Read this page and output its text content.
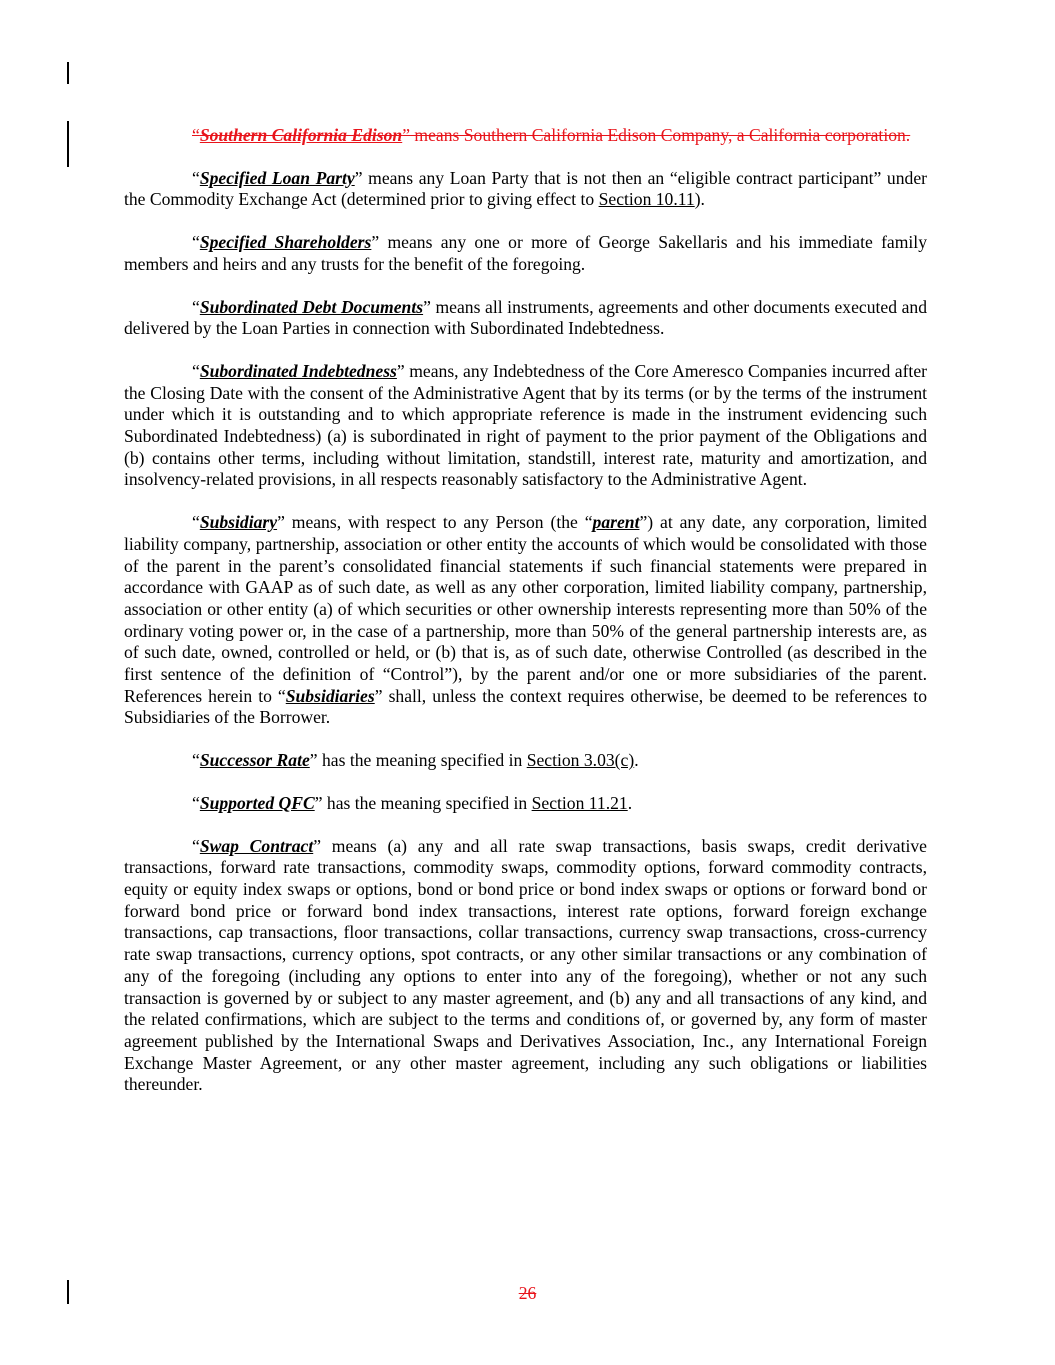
“Southern California Edison” means Southern California Edison Company, a California corporation.

“Specified Loan Party” means any Loan Party that is not then an “eligible contract participant” under the Commodity Exchange Act (determined prior to giving effect to Section 10.11).

“Specified Shareholders” means any one or more of George Sakellaris and his immediate family members and heirs and any trusts for the benefit of the foregoing.

“Subordinated Debt Documents” means all instruments, agreements and other documents executed and delivered by the Loan Parties in connection with Subordinated Indebtedness.

“Subordinated Indebtedness” means, any Indebtedness of the Core Ameresco Companies incurred after the Closing Date with the consent of the Administrative Agent that by its terms (or by the terms of the instrument under which it is outstanding and to which appropriate reference is made in the instrument evidencing such Subordinated Indebtedness) (a) is subordinated in right of payment to the prior payment of the Obligations and (b) contains other terms, including without limitation, standstill, interest rate, maturity and amortization, and insolvency-related provisions, in all respects reasonably satisfactory to the Administrative Agent.

“Subsidiary” means, with respect to any Person (the “parent”) at any date, any corporation, limited liability company, partnership, association or other entity the accounts of which would be consolidated with those of the parent in the parent’s consolidated financial statements if such financial statements were prepared in accordance with GAAP as of such date, as well as any other corporation, limited liability company, partnership, association or other entity (a) of which securities or other ownership interests representing more than 50% of the ordinary voting power or, in the case of a partnership, more than 50% of the general partnership interests are, as of such date, owned, controlled or held, or (b) that is, as of such date, otherwise Controlled (as described in the first sentence of the definition of “Control”), by the parent and/or one or more subsidiaries of the parent. References herein to “Subsidiaries” shall, unless the context requires otherwise, be deemed to be references to Subsidiaries of the Borrower.

“Successor Rate” has the meaning specified in Section 3.03(c).

“Supported QFC” has the meaning specified in Section 11.21.

“Swap Contract” means (a) any and all rate swap transactions, basis swaps, credit derivative transactions, forward rate transactions, commodity swaps, commodity options, forward commodity contracts, equity or equity index swaps or options, bond or bond price or bond index swaps or options or forward bond or forward bond price or forward bond index transactions, interest rate options, forward foreign exchange transactions, cap transactions, floor transactions, collar transactions, currency swap transactions, cross-currency rate swap transactions, currency options, spot contracts, or any other similar transactions or any combination of any of the foregoing (including any options to enter into any of the foregoing), whether or not any such transaction is governed by or subject to any master agreement, and (b) any and all transactions of any kind, and the related confirmations, which are subject to the terms and conditions of, or governed by, any form of master agreement published by the International Swaps and Derivatives Association, Inc., any International Foreign Exchange Master Agreement, or any other master agreement, including any such obligations or liabilities thereunder.

26
